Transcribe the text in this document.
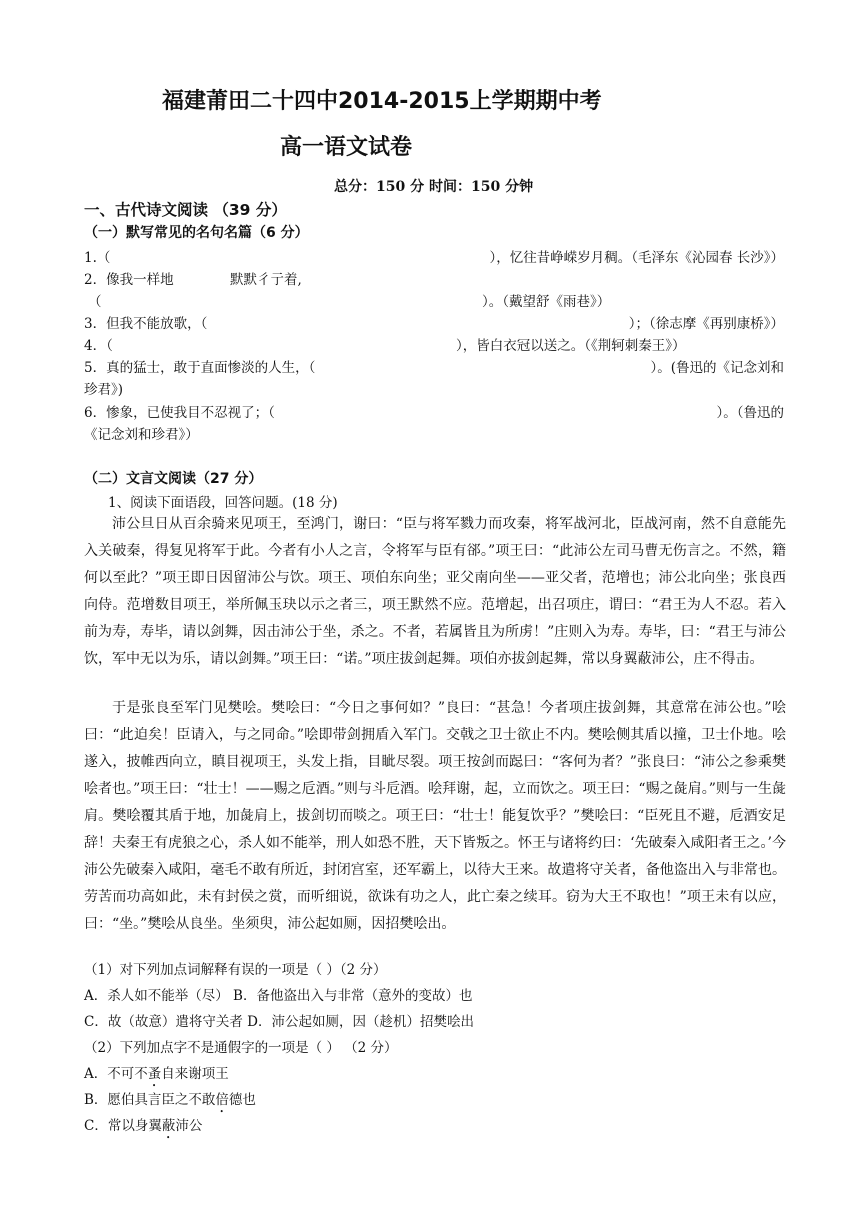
福建莆田二十四中2014-2015上学期期中考
高一语文试卷
总分：150 分 时间：150 分钟
一、古代诗文阅读 （39 分）
（一）默写常见的名句名篇（6 分）
1.（	），忆往昔峥嵘岁月稠。（毛泽东《沁园春 长沙》）
2．像我一样地	默默彳亍着,
（	）。（戴望舒《雨巷》）
3．但我不能放歌，（	）；（徐志摩《再别康桥》）
4．（	），皆白衣冠以送之。（《荆轲刺秦王》）
5．真的猛士，敢于直面惨淡的人生，（	）。(鲁迅的《记念刘和
珍君》)
6．惨象，已使我目不忍视了；（	）。（鲁迅的
《记念刘和珍君》）
（二）文言文阅读（27 分）
1、阅读下面语段，回答问题。(18 分)
沛公旦日从百余骑来见项王，至鸿门，谢曰：“臣与将军戮力而攻秦，将军战河北，臣战河南，然不自意能先入关破秦，得复见将军于此。今者有小人之言，令将军与臣有郤。”项王曰：“此沛公左司马曹无伤言之。不然，籍何以至此？”项王即日因留沛公与饮。项王、项伯东向坐；亚父南向坐——亚父者，范增也；沛公北向坐；张良西向侍。范增数目项王，举所佩玉玦以示之者三，项王默然不应。范增起，出召项庄，谓曰：“君王为人不忍。若入前为寿，寿毕，请以剑舞，因击沛公于坐，杀之。不者，若属皆且为所虏！”庄则入为寿。寿毕，曰：“君王与沛公饮，军中无以为乐，请以剑舞。”项王曰：“诺。”项庄拔剑起舞。项伯亦拔剑起舞，常以身翼蔽沛公，庄不得击。
于是张良至军门见樊哙。樊哙曰：“今日之事何如？”良曰：“甚急！今者项庄拔剑舞，其意常在沛公也。”哙曰：“此迫矣！臣请入，与之同命。”哙即带剑拥盾入军门。交戟之卫士欲止不内。樊哙侧其盾以撞，卫士仆地。哙遂入，披帷西向立，瞋目视项王，头发上指，目眦尽裂。项王按剑而跽曰：“客何为者？”张良曰：“沛公之参乘樊哙者也。”项王曰：“壮士！——赐之卮酒。”则与斗卮酒。哙拜谢，起，立而饮之。项王曰：“赐之彘肩。”则与一生彘肩。樊哙覆其盾于地，加彘肩上，拔剑切而啖之。项王曰：“壮士！能复饮乎？”樊哙曰：“臣死且不避，卮酒安足辞！夫秦王有虎狼之心，杀人如不能举，刑人如恐不胜，天下皆叛之。怀王与诸将约曰：‘先破秦入咸阳者王之。’今沛公先破秦入咸阳，毫毛不敢有所近，封闭宫室，还军霸上，以待大王来。故遣将守关者，备他盗出入与非常也。劳苦而功高如此，未有封侯之赏，而听细说，欲诛有功之人，此亡秦之续耳。窃为大王不取也！”项王未有以应，曰：“坐。”樊哙从良坐。坐须臾，沛公起如厕，因招樊哙出。
（1）对下列加点词解释有误的一项是（ ）（2 分）
A．杀人如不能举（尽） B．备他盗出入与非常（意外的变故）也
C．故（故意）遣将守关者 D．沛公起如厕，因（趁机）招樊哙出
（2）下列加点字不是通假字的一项是（ ） （2 分）
A．不可不蚤自来谢项王
B．愿伯具言臣之不敢倍德也
C．常以身翼蔽沛公
